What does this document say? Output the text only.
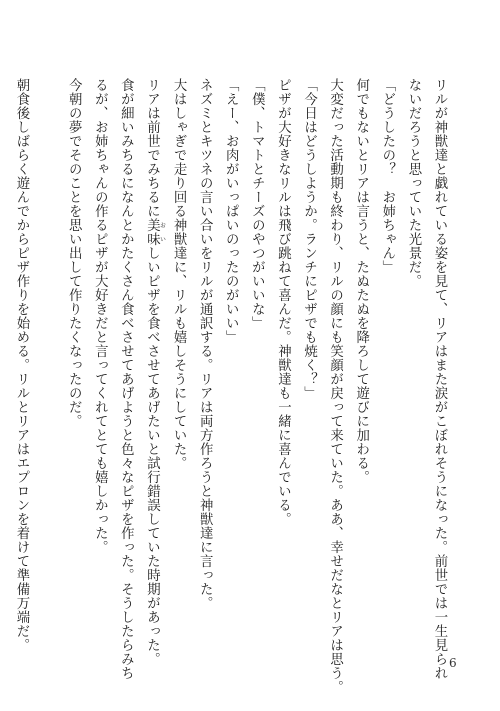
リルが神獣達と戯れている姿を見て、リアはまた涙がこぼれそうになった。前世では一生見られ

ないだろうと思っていた光景だ。

「どうしたの？　お姉ちゃん」

何でもないとリアは言うと、たぬたぬを降ろして遊びに加わる。

大変だった活動期も終わり、リルの顔にも笑顔が戻って来ていた。ああ、幸せだなとリアは思う。

「今日はどうしようか。ランチにピザでも焼く？」

ピザが大好きなリルは飛び跳ねて喜んだ。神獣達も一緒に喜んでいる。

「僕、トマトとチーズのやつがいいな」

「えー、お肉がいっぱいのったのがいい」

ネズミとキツネの言い合いをリルが通訳する。リアは両方作ろうと神獣達に言った。

大はしゃぎで走り回る神獣達に、リルも嬉しそうにしていた。

リアは前世でみちるに美味 おいしいピザを食べさせてあげたいと試行錯誤していた時期があった。

食が細いみちるになんとかたくさん食べさせてあげようと色々なピザを作った。そうしたらみち

るが、お姉ちゃんの作るピザが大好きだと言ってくれてとても嬉しかった。

今朝の夢でそのことを思い出して作りたくなったのだ。

朝食後しばらく遊んでからピザ作りを始める。リルとリアはエプロンを着けて準備万端だ。

6
